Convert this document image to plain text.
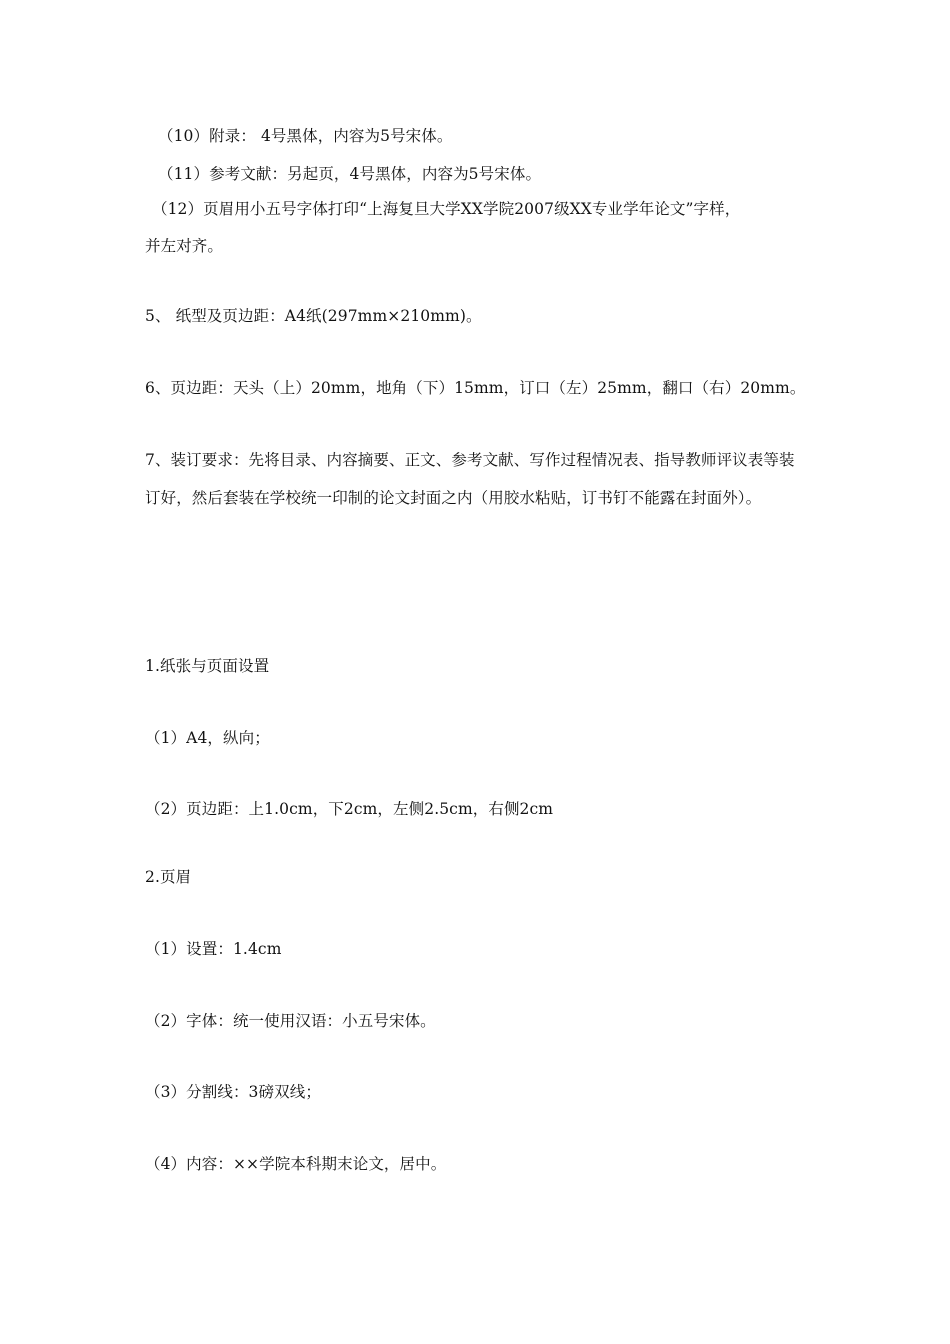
（10）附录： 4号黑体，内容为5号宋体。
（11）参考文献：另起页，4号黑体，内容为5号宋体。
（12）页眉用小五号字体打印“上海复旦大学XX学院2007级XX专业学年论文”字样，
并左对齐。
5、 纸型及页边距：A4纸(297mm×210mm)。
6、页边距：天头（上）20mm，地角（下）15mm，订口（左）25mm，翻口（右）20mm。
7、装订要求：先将目录、内容摘要、正文、参考文献、写作过程情况表、指导教师评议表等装
订好，然后套装在学校统一印制的论文封面之内（用胶水粘贴，订书钉不能露在封面外）。
1.纸张与页面设置
（1）A4，纵向；
（2）页边距：上1.0cm，下2cm，左侧2.5cm，右侧2cm
2.页眉
（1）设置：1.4cm
（2）字体：统一使用汉语：小五号宋体。
（3）分割线：3磅双线；
（4）内容：××学院本科期末论文，居中。
